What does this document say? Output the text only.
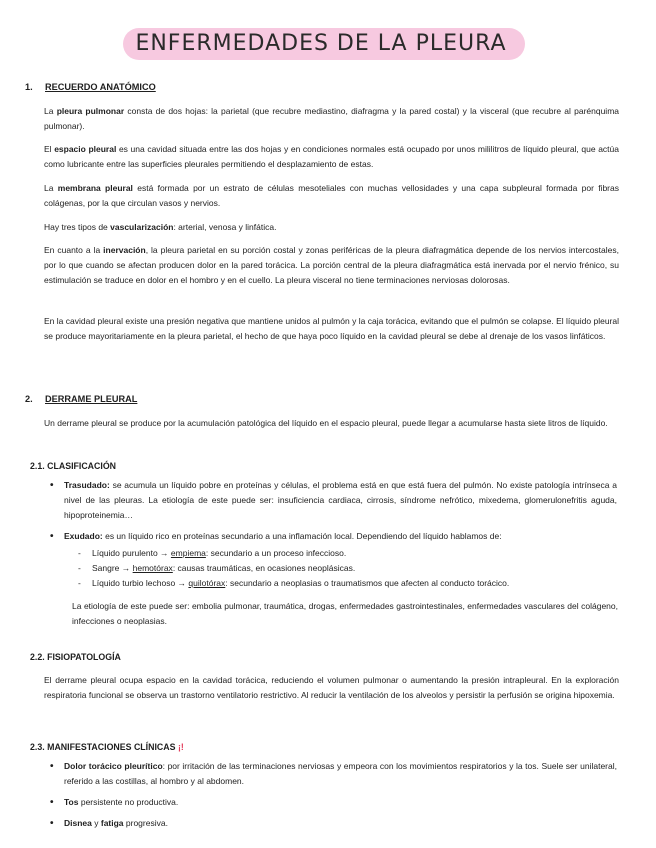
ENFERMEDADES DE LA PLEURA
1. RECUERDO ANATÓMICO
La pleura pulmonar consta de dos hojas: la parietal (que recubre mediastino, diafragma y la pared costal) y la visceral (que recubre al parénquima pulmonar).
El espacio pleural es una cavidad situada entre las dos hojas y en condiciones normales está ocupado por unos mililitros de líquido pleural, que actúa como lubricante entre las superficies pleurales permitiendo el desplazamiento de estas.
La membrana pleural está formada por un estrato de células mesoteliales con muchas vellosidades y una capa subpleural formada por fibras colágenas, por la que circulan vasos y nervios.
Hay tres tipos de vascularización: arterial, venosa y linfática.
En cuanto a la inervación, la pleura parietal en su porción costal y zonas periféricas de la pleura diafragmática depende de los nervios intercostales, por lo que cuando se afectan producen dolor en la pared torácica. La porción central de la pleura diafragmática está inervada por el nervio frénico, su estimulación se traduce en dolor en el hombro y en el cuello. La pleura visceral no tiene terminaciones nerviosas dolorosas.
En la cavidad pleural existe una presión negativa que mantiene unidos al pulmón y la caja torácica, evitando que el pulmón se colapse. El líquido pleural se produce mayoritariamente en la pleura parietal, el hecho de que haya poco líquido en la cavidad pleural se debe al drenaje de los vasos linfáticos.
2. DERRAME PLEURAL
Un derrame pleural se produce por la acumulación patológica del líquido en el espacio pleural, puede llegar a acumularse hasta siete litros de líquido.
2.1. CLASIFICACIÓN
• Trasudado: se acumula un líquido pobre en proteínas y células, el problema está en que está fuera del pulmón. No existe patología intrínseca a nivel de las pleuras. La etiología de este puede ser: insuficiencia cardiaca, cirrosis, síndrome nefrótico, mixedema, glomerulonefritis aguda, hipoproteinemia…
• Exudado: es un líquido rico en proteínas secundario a una inflamación local. Dependiendo del líquido hablamos de:
- Líquido purulento → empiema: secundario a un proceso infeccioso.
- Sangre → hemotórax: causas traumáticas, en ocasiones neoplásicas.
- Líquido turbio lechoso → quilotórax: secundario a neoplasias o traumatismos que afecten al conducto torácico.
La etiología de este puede ser: embolia pulmonar, traumática, drogas, enfermedades gastrointestinales, enfermedades vasculares del colágeno, infecciones o neoplasias.
2.2. FISIOPATOLOGÍA
El derrame pleural ocupa espacio en la cavidad torácica, reduciendo el volumen pulmonar o aumentando la presión intrapleural. En la exploración respiratoria funcional se observa un trastorno ventilatorio restrictivo. Al reducir la ventilación de los alveolos y persistir la perfusión se origina hipoxemia.
2.3. MANIFESTACIONES CLÍNICAS ¡!
• Dolor torácico pleurítico: por irritación de las terminaciones nerviosas y empeora con los movimientos respiratorios y la tos. Suele ser unilateral, referido a las costillas, al hombro y al abdomen.
• Tos persistente no productiva.
• Disnea y fatiga progresiva.
